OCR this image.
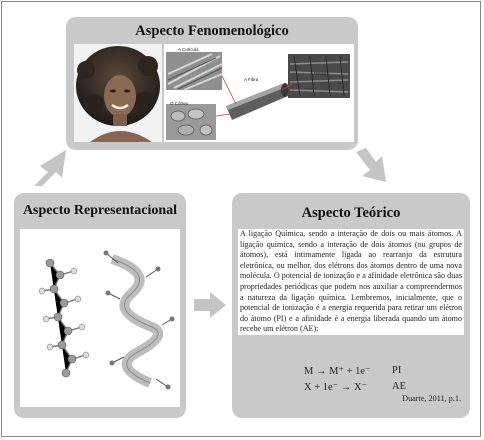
Aspecto Fenomenológico
A Cutícula
A Fibra
A Medula
O Córtex
Aspecto Representacional	Aspecto Teórico
A ligação Química, sendo a interação de dois ou mais átomos. A ligação química, sendo a interação de dois átomos (ou grupos de átomos), está intimamente ligada ao rearranjo da estrutura eletrônica, ou melhor, dos elétrons dos átomos dentro de uma nova molécula. O potencial de ionização e a afinidade eletrônica são duas propriedades periódicas que podem nos auxiliar a compreendermos a natureza da ligação química. Lembremos, inicialmente, que o potencial de ionização é a energia requerida para retirar um elétron do átomo (PI) e a afinidade é a energia liberada quando um átomo recebe um elétron (AE):
M → M⁺ + 1e⁻ PI
X + 1e⁻ → X⁻ AE
Duarte, 2011, p.1.
